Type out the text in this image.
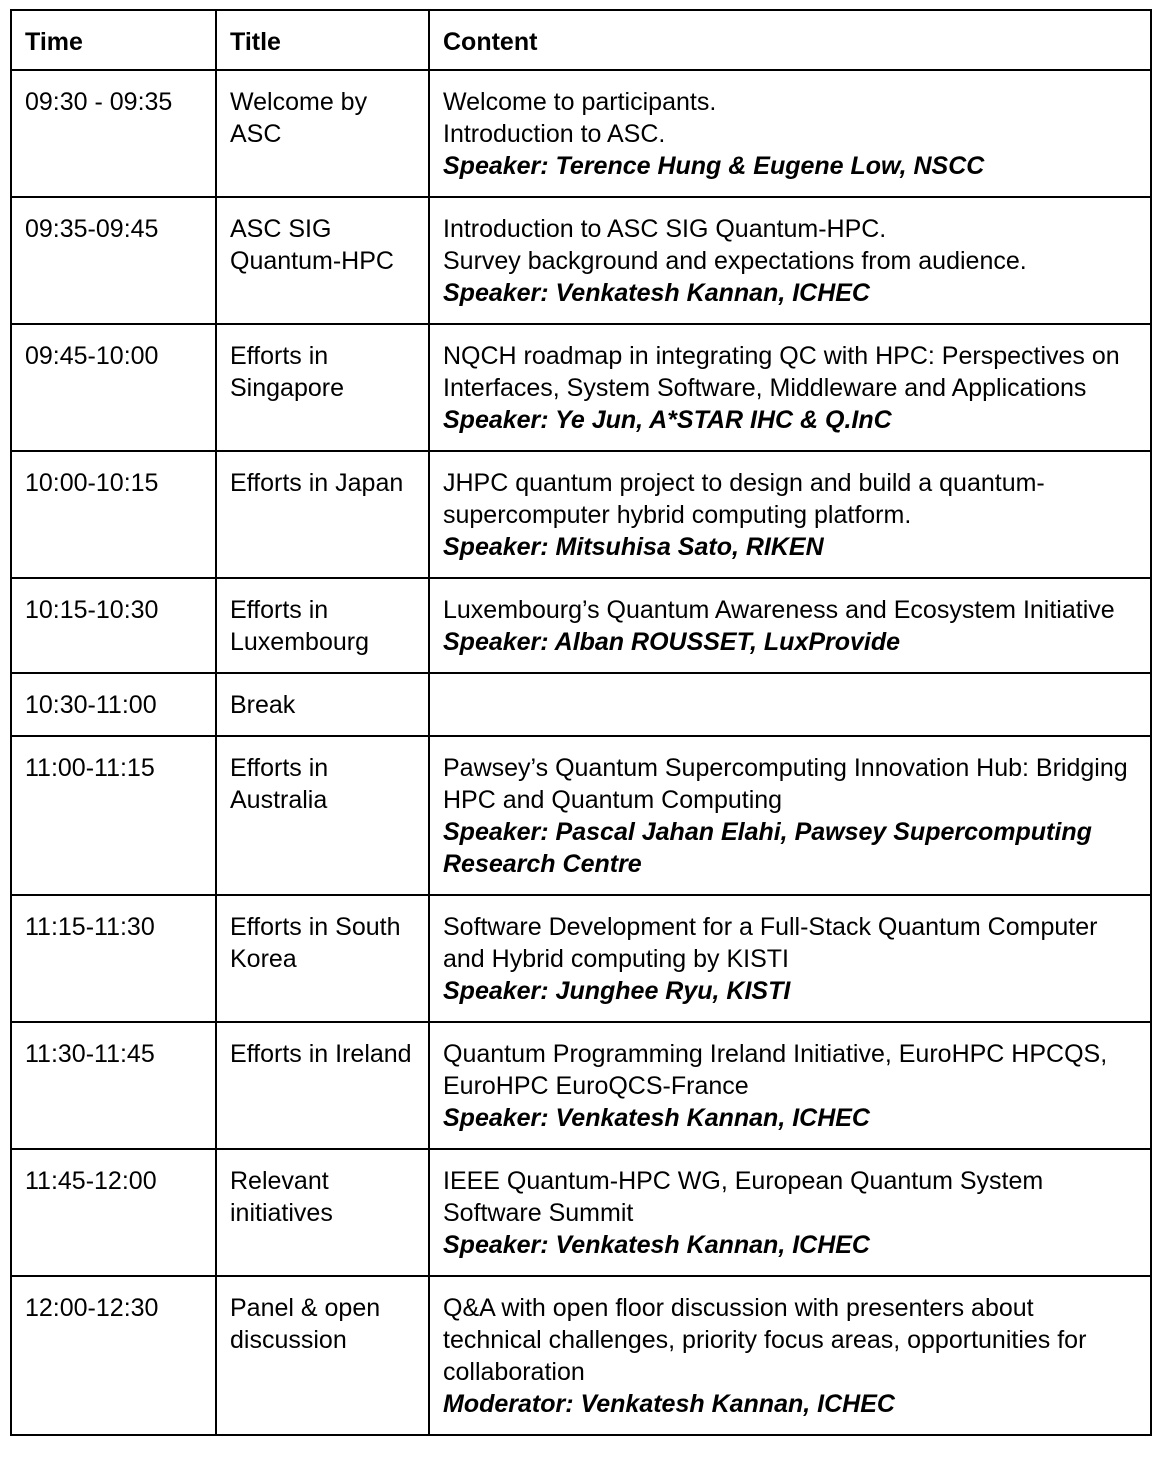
Time	Title	Content
09:30 - 09:35	Welcome by ASC	Welcome to participants.
Introduction to ASC.
Speaker: Terence Hung & Eugene Low, NSCC

09:35-09:45	ASC SIG Quantum-HPC	Introduction to ASC SIG Quantum-HPC.
Survey background and expectations from audience.
Speaker: Venkatesh Kannan, ICHEC

09:45-10:00	Efforts in Singapore	NQCH roadmap in integrating QC with HPC: Perspectives on Interfaces, System Software, Middleware and Applications
Speaker: Ye Jun, A*STAR IHC & Q.InC

10:00-10:15	Efforts in Japan	JHPC quantum project to design and build a quantum-supercomputer hybrid computing platform.
Speaker: Mitsuhisa Sato, RIKEN

10:15-10:30	Efforts in Luxembourg	Luxembourg’s Quantum Awareness and Ecosystem Initiative
Speaker: Alban ROUSSET, LuxProvide

10:30-11:00	Break	
11:00-11:15	Efforts in Australia	Pawsey’s Quantum Supercomputing Innovation Hub: Bridging HPC and Quantum Computing
Speaker: Pascal Jahan Elahi, Pawsey Supercomputing Research Centre

11:15-11:30	Efforts in South Korea	Software Development for a Full-Stack Quantum Computer and Hybrid computing by KISTI
Speaker: Junghee Ryu, KISTI

11:30-11:45	Efforts in Ireland	Quantum Programming Ireland Initiative, EuroHPC HPCQS, EuroHPC EuroQCS-France
Speaker: Venkatesh Kannan, ICHEC

11:45-12:00	Relevant initiatives	IEEE Quantum-HPC WG, European Quantum System Software Summit
Speaker: Venkatesh Kannan, ICHEC

12:00-12:30	Panel & open discussion	Q&A with open floor discussion with presenters about technical challenges, priority focus areas, opportunities for collaboration
Moderator: Venkatesh Kannan, ICHEC
